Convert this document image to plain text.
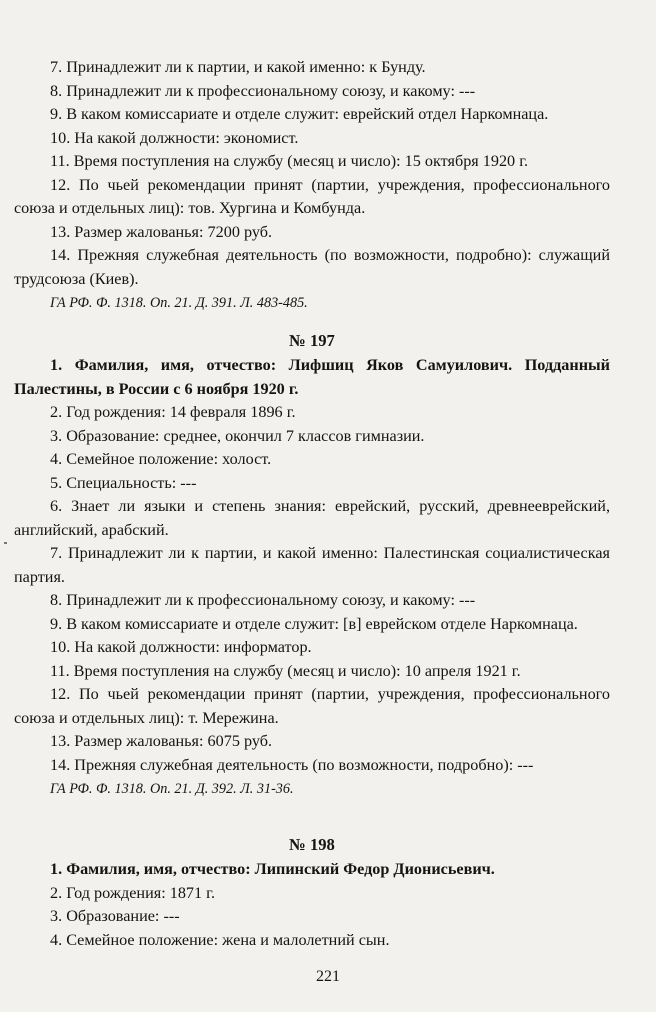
7. Принадлежит ли к партии, и какой именно: к Бунду.

8. Принадлежит ли к профессиональному союзу, и какому: ---

9. В каком комиссариате и отделе служит: еврейский отдел Наркомнаца.

10. На какой должности: экономист.

11. Время поступления на службу (месяц и число): 15 октября 1920 г.

12. По чьей рекомендации принят (партии, учреждения, профессионального союза и отдельных лиц): тов. Хургина и Комбунда.

13. Размер жалованья: 7200 руб.

14. Прежняя служебная деятельность (по возможности, подробно): служащий трудсоюза (Киев).

ГА РФ. Ф. 1318. Оп. 21. Д. 391. Л. 483-485.

№ 197

1. Фамилия, имя, отчество: Лифшиц Яков Самуилович. Подданный Палестины, в России с 6 ноября 1920 г.

2. Год рождения: 14 февраля 1896 г.

3. Образование: среднее, окончил 7 классов гимназии.

4. Семейное положение: холост.

5. Специальность: ---

6. Знает ли языки и степень знания: еврейский, русский, древнееврейский, английский, арабский.

7. Принадлежит ли к партии, и какой именно: Палестинская социалистическая партия.

8. Принадлежит ли к профессиональному союзу, и какому: ---

9. В каком комиссариате и отделе служит: [в] еврейском отделе Наркомнаца.

10. На какой должности: информатор.

11. Время поступления на службу (месяц и число): 10 апреля 1921 г.

12. По чьей рекомендации принят (партии, учреждения, профессионального союза и отдельных лиц): т. Мережина.

13. Размер жалованья: 6075 руб.

14. Прежняя служебная деятельность (по возможности, подробно): ---

ГА РФ. Ф. 1318. Оп. 21. Д. 392. Л. 31-36.

№ 198

1. Фамилия, имя, отчество: Липинский Федор Дионисьевич.

2. Год рождения: 1871 г.

3. Образование: ---

4. Семейное положение: жена и малолетний сын.

221
